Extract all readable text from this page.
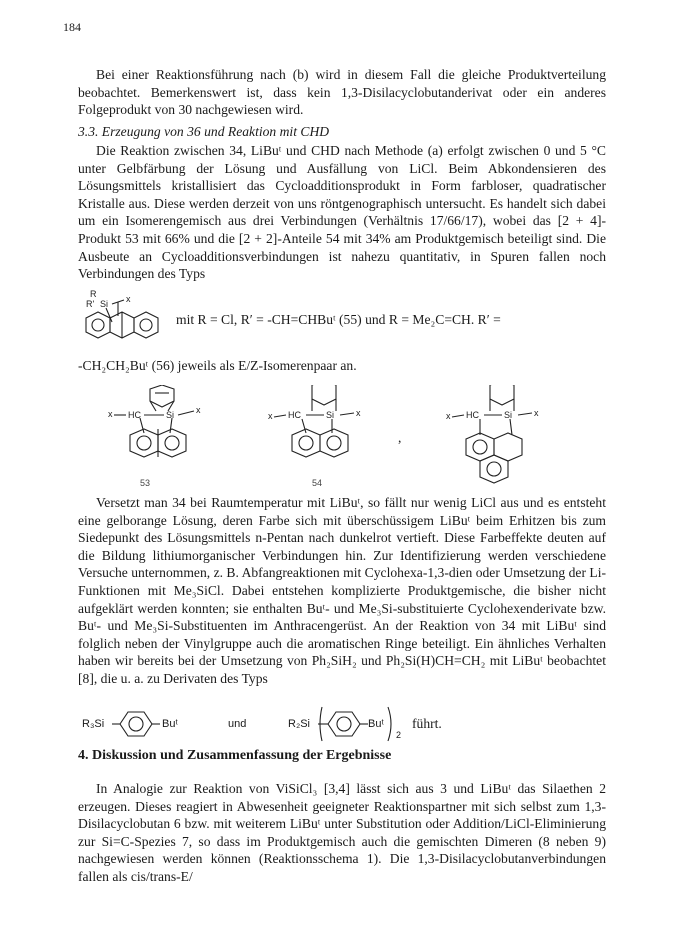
184

Bei einer Reaktionsführung nach (b) wird in diesem Fall die gleiche Produktverteilung beobachtet. Bemerkenswert ist, dass kein 1,3-Disilacyclobutanderivat oder ein anderes Folgeprodukt von 30 nachgewiesen wird.

3.3. Erzeugung von 36 und Reaktion mit CHD

Die Reaktion zwischen 34, LiBuᵗ und CHD nach Methode (a) erfolgt zwischen 0 und 5 °C unter Gelbfärbung der Lösung und Ausfällung von LiCl. Beim Abkondensieren des Lösungsmittels kristallisiert das Cycloadditionsprodukt in Form farbloser, quadratischer Kristalle aus. Diese werden derzeit von uns röntgenographisch untersucht. Es handelt sich dabei um ein Isomerengemisch aus drei Verbindungen (Verhältnis 17/66/17), wobei das [2 + 4]-Produkt 53 mit 66% und die [2 + 2]-Anteile 54 mit 34% am Produktgemisch beteiligt sind. Die Ausbeute an Cycloadditionsverbindungen ist nahezu quantitativ, in Spuren fallen noch Verbindungen des Typs

R
R' Si x
mit R = Cl, R′ = -CH=CHBuᵗ (55) und R = Me₂C=CH. R′ =
-CH₂CH₂Buᵗ (56) jeweils als E/Z-Isomerenpaar an.
x HC	Si x
53
x HC	Si x
,
x HC	Si x
54

Versetzt man 34 bei Raumtemperatur mit LiBuᵗ, so fällt nur wenig LiCl aus und es entsteht eine gelborange Lösung, deren Farbe sich mit überschüssigem LiBuᵗ beim Erhitzen bis zum Siedepunkt des Lösungsmittels n-Pentan nach dunkelrot vertieft. Diese Farbeffekte deuten auf die Bildung lithiumorganischer Verbindungen hin. Zur Identifizierung werden verschiedene Versuche unternommen, z. B. Abfangreaktionen mit Cyclohexa-1,3-dien oder Umsetzung der Li-Funktionen mit Me₃SiCl. Dabei entstehen komplizierte Produktgemische, die bisher nicht aufgeklärt werden konnten; sie enthalten Buᵗ- und Me₃Si-substituierte Cyclohexenderivate bzw. Buᵗ- und Me₃Si-Substituenten im Anthracengerüst. An der Reaktion von 34 mit LiBuᵗ sind folglich neben der Vinylgruppe auch die aromatischen Ringe beteiligt. Ein ähnliches Verhalten haben wir bereits bei der Umsetzung von Ph₂SiH₂ und Ph₂Si(H)CH=CH₂ mit LiBuᵗ beobachtet [8], die u. a. zu Derivaten des Typs

R₃Si	Buᵗ	und	R₂Si	Buᵗ
2
führt.

4. Diskussion und Zusammenfassung der Ergebnisse

In Analogie zur Reaktion von ViSiCl₃ [3,4] lässt sich aus 3 und LiBuᵗ das Silaethen 2 erzeugen. Dieses reagiert in Abwesenheit geeigneter Reaktionspartner mit sich selbst zum 1,3-Disilacyclobutan 6 bzw. mit weiterem LiBuᵗ unter Substitution oder Addition/LiCl-Eliminierung zur Si=C-Spezies 7, so dass im Produktgemisch auch die gemischten Dimeren (8 neben 9) nachgewiesen werden können (Reaktionsschema 1). Die 1,3-Disilacyclobutanverbindungen fallen als cis/trans-E/
